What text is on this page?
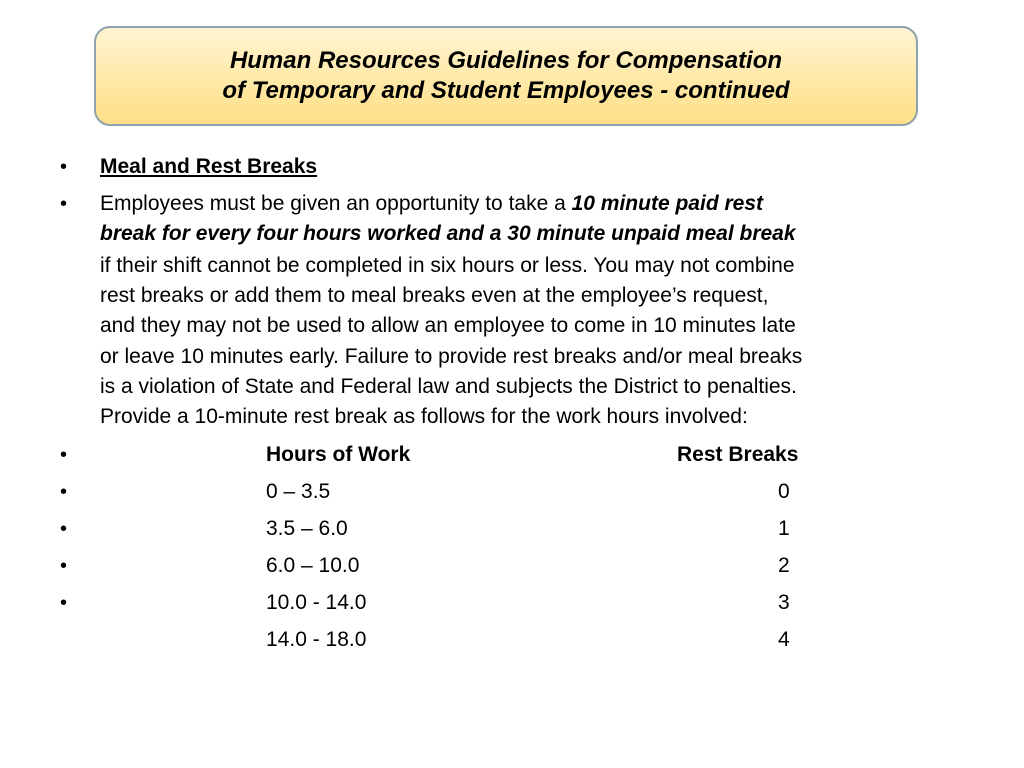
Human Resources Guidelines for Compensation
of Temporary and Student Employees - continued
• Meal and Rest Breaks
• Employees must be given an opportunity to take a 10 minute paid rest
break for every four hours worked and a 30 minute unpaid meal break
if their shift cannot be completed in six hours or less. You may not combine
rest breaks or add them to meal breaks even at the employee’s request,
and they may not be used to allow an employee to come in 10 minutes late
or leave 10 minutes early. Failure to provide rest breaks and/or meal breaks
is a violation of State and Federal law and subjects the District to penalties.
Provide a 10-minute rest break as follows for the work hours involved:
•	Hours of Work	Rest Breaks
•	0 – 3.5	0
•	3.5 – 6.0	1
•	6.0 – 10.0	2
•	10.0 - 14.0	3
14.0 - 18.0	4
